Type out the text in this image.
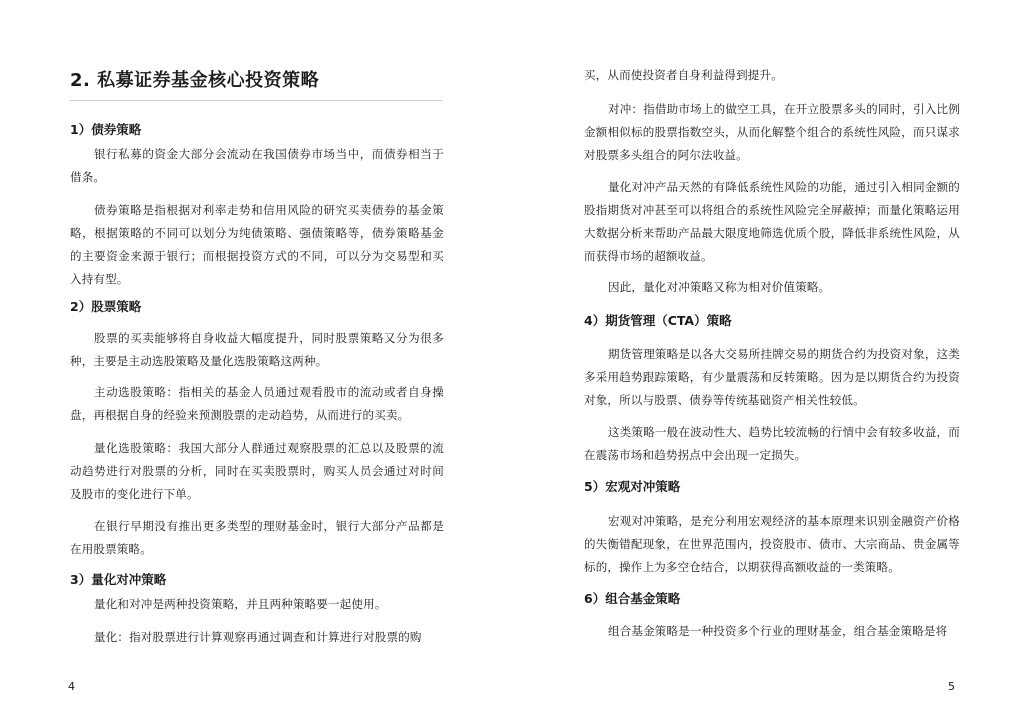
2. 私募证券基金核心投资策略
1）债券策略
银行私募的资金大部分会流动在我国债券市场当中，而债券相当于借条。
债券策略是指根据对利率走势和信用风险的研究买卖债券的基金策略，根据策略的不同可以划分为纯债策略、强债策略等，债券策略基金的主要资金来源于银行；而根据投资方式的不同，可以分为交易型和买入持有型。
2）股票策略
股票的买卖能够将自身收益大幅度提升，同时股票策略又分为很多种，主要是主动选股策略及量化选股策略这两种。
主动选股策略：指相关的基金人员通过观看股市的流动或者自身操盘，再根据自身的经验来预测股票的走动趋势，从而进行的买卖。
量化选股策略：我国大部分人群通过观察股票的汇总以及股票的流动趋势进行对股票的分析，同时在买卖股票时，购买人员会通过对时间及股市的变化进行下单。
在银行早期没有推出更多类型的理财基金时，银行大部分产品都是在用股票策略。
3）量化对冲策略
量化和对冲是两种投资策略，并且两种策略要一起使用。
量化：指对股票进行计算观察再通过调查和计算进行对股票的购
4
买，从而使投资者自身利益得到提升。
对冲：指借助市场上的做空工具，在开立股票多头的同时，引入比例金额相似标的股票指数空头，从而化解整个组合的系统性风险，而只谋求对股票多头组合的阿尔法收益。
量化对冲产品天然的有降低系统性风险的功能，通过引入相同金额的股指期货对冲甚至可以将组合的系统性风险完全屏蔽掉；而量化策略运用大数据分析来帮助产品最大限度地筛选优质个股，降低非系统性风险，从而获得市场的超额收益。
因此，量化对冲策略又称为相对价值策略。
4）期货管理（CTA）策略
期货管理策略是以各大交易所挂牌交易的期货合约为投资对象，这类多采用趋势跟踪策略，有少量震荡和反转策略。因为是以期货合约为投资对象，所以与股票、债券等传统基础资产相关性较低。
这类策略一般在波动性大、趋势比较流畅的行情中会有较多收益，而在震荡市场和趋势拐点中会出现一定损失。
5）宏观对冲策略
宏观对冲策略，是充分利用宏观经济的基本原理来识别金融资产价格的失衡错配现象，在世界范围内，投资股市、债市、大宗商品、贵金属等标的，操作上为多空仓结合，以期获得高额收益的一类策略。
6）组合基金策略
组合基金策略是一种投资多个行业的理财基金，组合基金策略是将
5
